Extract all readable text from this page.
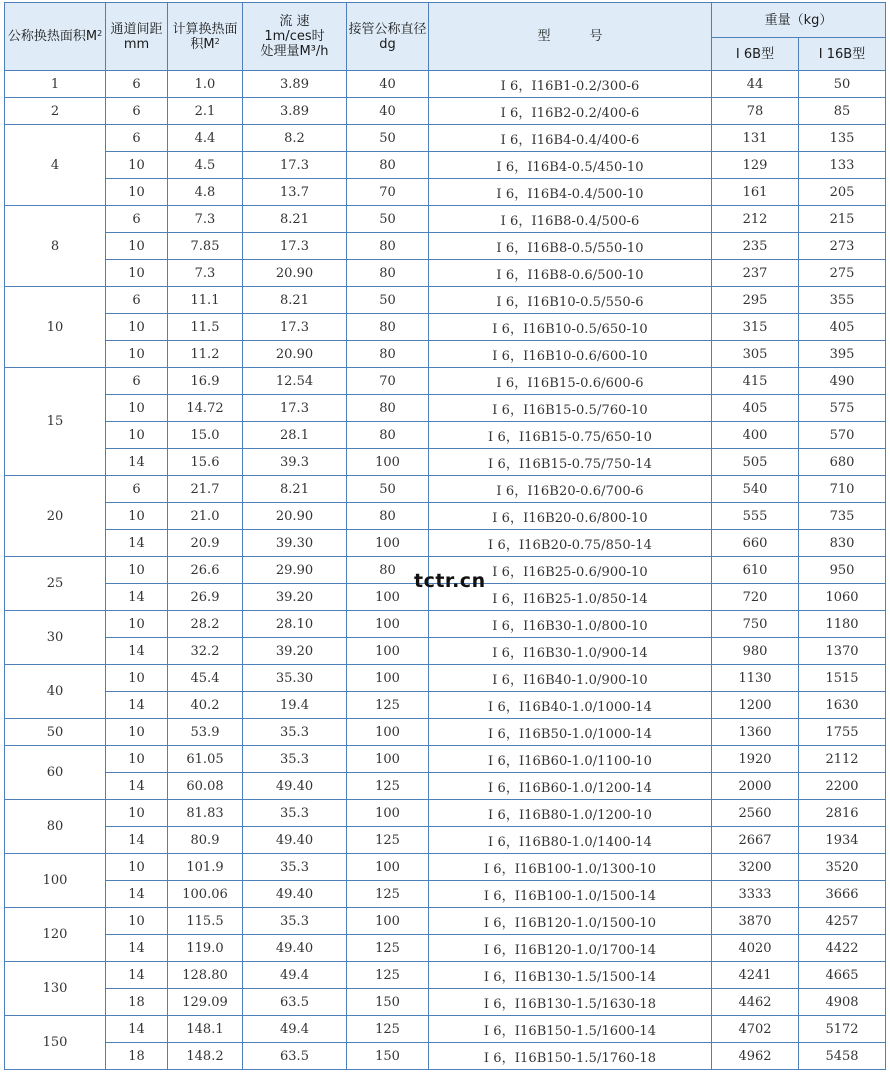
公称换热面积$M^2$	通道间距mm	计算换热面积$M^2$	流 速
1m/ces时
处理量M³/h	接管公称直径dg	型　　　号	重量（kg）	
						Ⅰ 6B型	Ⅰ 16B型
1	6	1.0	3.89	40	Ⅰ 6，Ⅰ16B1-0.2/300-6	44	50
2	6	2.1	3.89	40	Ⅰ 6，Ⅰ16B2-0.2/400-6	78	85
4	6	4.4	8.2	50	Ⅰ 6，Ⅰ16B4-0.4/400-6	131	135
	10	4.5	17.3	80	Ⅰ 6，Ⅰ16B4-0.5/450-10	129	133
	10	4.8	13.7	70	Ⅰ 6，Ⅰ16B4-0.4/500-10	161	205
8	6	7.3	8.21	50	Ⅰ 6，Ⅰ16B8-0.4/500-6	212	215
	10	7.85	17.3	80	Ⅰ 6，Ⅰ16B8-0.5/550-10	235	273
	10	7.3	20.90	80	Ⅰ 6，Ⅰ16B8-0.6/500-10	237	275
10	6	11.1	8.21	50	Ⅰ 6，Ⅰ16B10-0.5/550-6	295	355
	10	11.5	17.3	80	Ⅰ 6，Ⅰ16B10-0.5/650-10	315	405
	10	11.2	20.90	80	Ⅰ 6，Ⅰ16B10-0.6/600-10	305	395
15	6	16.9	12.54	70	Ⅰ 6，Ⅰ16B15-0.6/600-6	415	490
	10	14.72	17.3	80	Ⅰ 6，Ⅰ16B15-0.5/760-10	405	575
	10	15.0	28.1	80	Ⅰ 6，Ⅰ16B15-0.75/650-10	400	570
	14	15.6	39.3	100	Ⅰ 6，Ⅰ16B15-0.75/750-14	505	680
20	6	21.7	8.21	50	Ⅰ 6，Ⅰ16B20-0.6/700-6	540	710
	10	21.0	20.90	80	Ⅰ 6，Ⅰ16B20-0.6/800-10	555	735
	14	20.9	39.30	100	Ⅰ 6，Ⅰ16B20-0.75/850-14	660	830
25	10	26.6	29.90	80	Ⅰ 6，Ⅰ16B25-0.6/900-10	610	950
	14	26.9	39.20	100	Ⅰ 6，Ⅰ16B25-1.0/850-14	720	1060
30	10	28.2	28.10	100	Ⅰ 6，Ⅰ16B30-1.0/800-10	750	1180
	14	32.2	39.20	100	Ⅰ 6，Ⅰ16B30-1.0/900-14	980	1370
40	10	45.4	35.30	100	Ⅰ 6，Ⅰ16B40-1.0/900-10	1130	1515
	14	40.2	19.4	125	Ⅰ 6，Ⅰ16B40-1.0/1000-14	1200	1630
50	10	53.9	35.3	100	Ⅰ 6，Ⅰ16B50-1.0/1000-14	1360	1755
60	10	61.05	35.3	100	Ⅰ 6，Ⅰ16B60-1.0/1100-10	1920	2112
	14	60.08	49.40	125	Ⅰ 6，Ⅰ16B60-1.0/1200-14	2000	2200
80	10	81.83	35.3	100	Ⅰ 6，Ⅰ16B80-1.0/1200-10	2560	2816
	14	80.9	49.40	125	Ⅰ 6，Ⅰ16B80-1.0/1400-14	2667	1934
100	10	101.9	35.3	100	Ⅰ 6，Ⅰ16B100-1.0/1300-10	3200	3520
	14	100.06	49.40	125	Ⅰ 6，Ⅰ16B100-1.0/1500-14	3333	3666
120	10	115.5	35.3	100	Ⅰ 6，Ⅰ16B120-1.0/1500-10	3870	4257
	14	119.0	49.40	125	Ⅰ 6，Ⅰ16B120-1.0/1700-14	4020	4422
130	14	128.80	49.4	125	Ⅰ 6，Ⅰ16B130-1.5/1500-14	4241	4665
	18	129.09	63.5	150	Ⅰ 6，Ⅰ16B130-1.5/1630-18	4462	4908
150	14	148.1	49.4	125	Ⅰ 6，Ⅰ16B150-1.5/1600-14	4702	5172
	18	148.2	63.5	150	Ⅰ 6，Ⅰ16B150-1.5/1760-18	4962	5458
tctr.cn
